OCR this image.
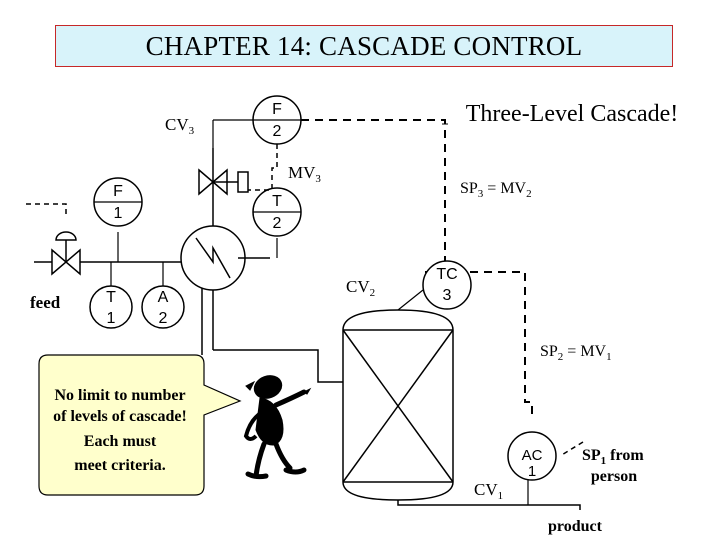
CHAPTER 14: CASCADE CONTROL
Three-Level Cascade!
F
1
T
1
A
2
feed
F
2
$CV_3$
T
2
$MV_3$
$SP_3 = MV_2$
TC
3
$CV_2$
$SP_2 = MV_1$
AC
1
$CV_1$
$SP_1$ from
person
product
No limit to number
of levels of cascade!
Each must
meet criteria.
